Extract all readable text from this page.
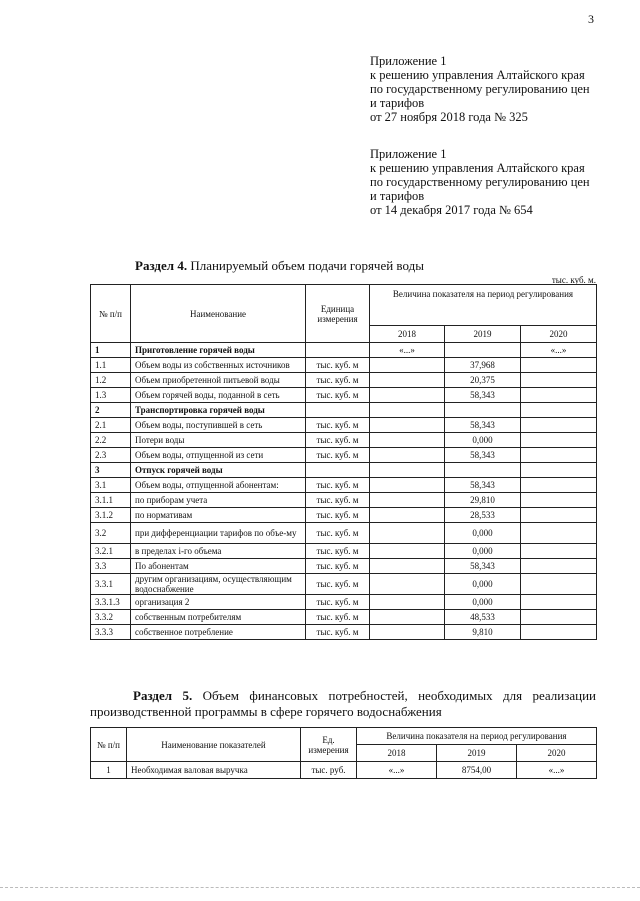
3
Приложение 1
к решению управления Алтайского края
по государственному регулированию цен
и тарифов
от 27 ноября 2018 года № 325
Приложение 1
к решению управления Алтайского края
по государственному регулированию цен
и тарифов
от 14 декабря 2017 года № 654
Раздел 4. Планируемый объем подачи горячей воды
тыс. куб. м.
№ п/п	Наименование	Единица измерения	Величина показателя на период регулирования		
			2018	2019	2020
1	Приготовление горячей воды		«...»		«...»
1.1	Объем воды из собственных источников	тыс. куб. м		37,968	
1.2	Объем приобретенной питьевой воды	тыс. куб. м		20,375	
1.3	Объем горячей воды, поданной в сеть	тыс. куб. м		58,343	
2	Транспортировка горячей воды				
2.1	Объем воды, поступившей в сеть	тыс. куб. м		58,343	
2.2	Потери воды	тыс. куб. м		0,000	
2.3	Объем воды, отпущенной из сети	тыс. куб. м		58,343	
3	Отпуск горячей воды				
3.1	Объем воды, отпущенной абонентам:	тыс. куб. м		58,343	
3.1.1	по приборам учета	тыс. куб. м		29,810	
3.1.2	по нормативам	тыс. куб. м		28,533	
3.2	при дифференциации тарифов по объе-му	тыс. куб. м		0,000	
3.2.1	в пределах i-го объема	тыс. куб. м		0,000	
3.3	По абонентам	тыс. куб. м		58,343	
3.3.1	другим организациям, осуществляющим водоснабжение	тыс. куб. м		0,000	
3.3.1.3	организация 2	тыс. куб. м		0,000	
3.3.2	собственным потребителям	тыс. куб. м		48,533	
3.3.3	собственное потребление	тыс. куб. м		9,810	
Раздел 5. Объем финансовых потребностей, необходимых для реализации производственной программы в сфере горячего водоснабжения
№ п/п	Наименование показателей	Ед. измерения	Величина показателя на период регулирования		
			2018	2019	2020
1	Необходимая валовая выручка	тыс. руб.	«...»	8754,00	«...»
